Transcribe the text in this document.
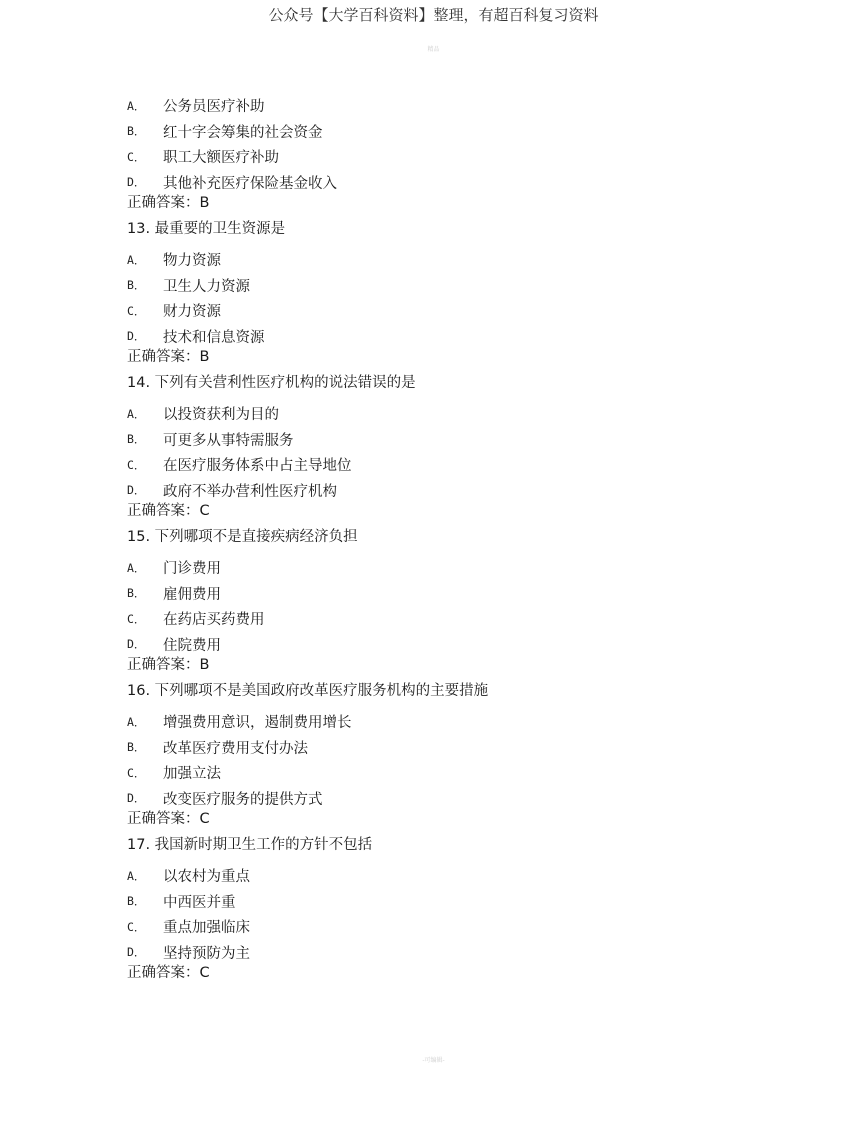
公众号【大学百科资料】整理，有超百科复习资料
精品
A．	公务员医疗补助
B．	红十字会筹集的社会资金
C．	职工大额医疗补助
D．	其他补充医疗保险基金收入
正确答案：B
13. 最重要的卫生资源是
A．	物力资源
B．	卫生人力资源
C．	财力资源
D．	技术和信息资源
正确答案：B
14. 下列有关营利性医疗机构的说法错误的是
A．	以投资获利为目的
B．	可更多从事特需服务
C．	在医疗服务体系中占主导地位
D．	政府不举办营利性医疗机构
正确答案：C
15. 下列哪项不是直接疾病经济负担
A．	门诊费用
B．	雇佣费用
C．	在药店买药费用
D．	住院费用
正确答案：B
16. 下列哪项不是美国政府改革医疗服务机构的主要措施
A．	增强费用意识，遏制费用增长
B．	改革医疗费用支付办法
C．	加强立法
D．	改变医疗服务的提供方式
正确答案：C
17. 我国新时期卫生工作的方针不包括
A．	以农村为重点
B．	中西医并重
C．	重点加强临床
D．	坚持预防为主
正确答案：C
-可编辑-
